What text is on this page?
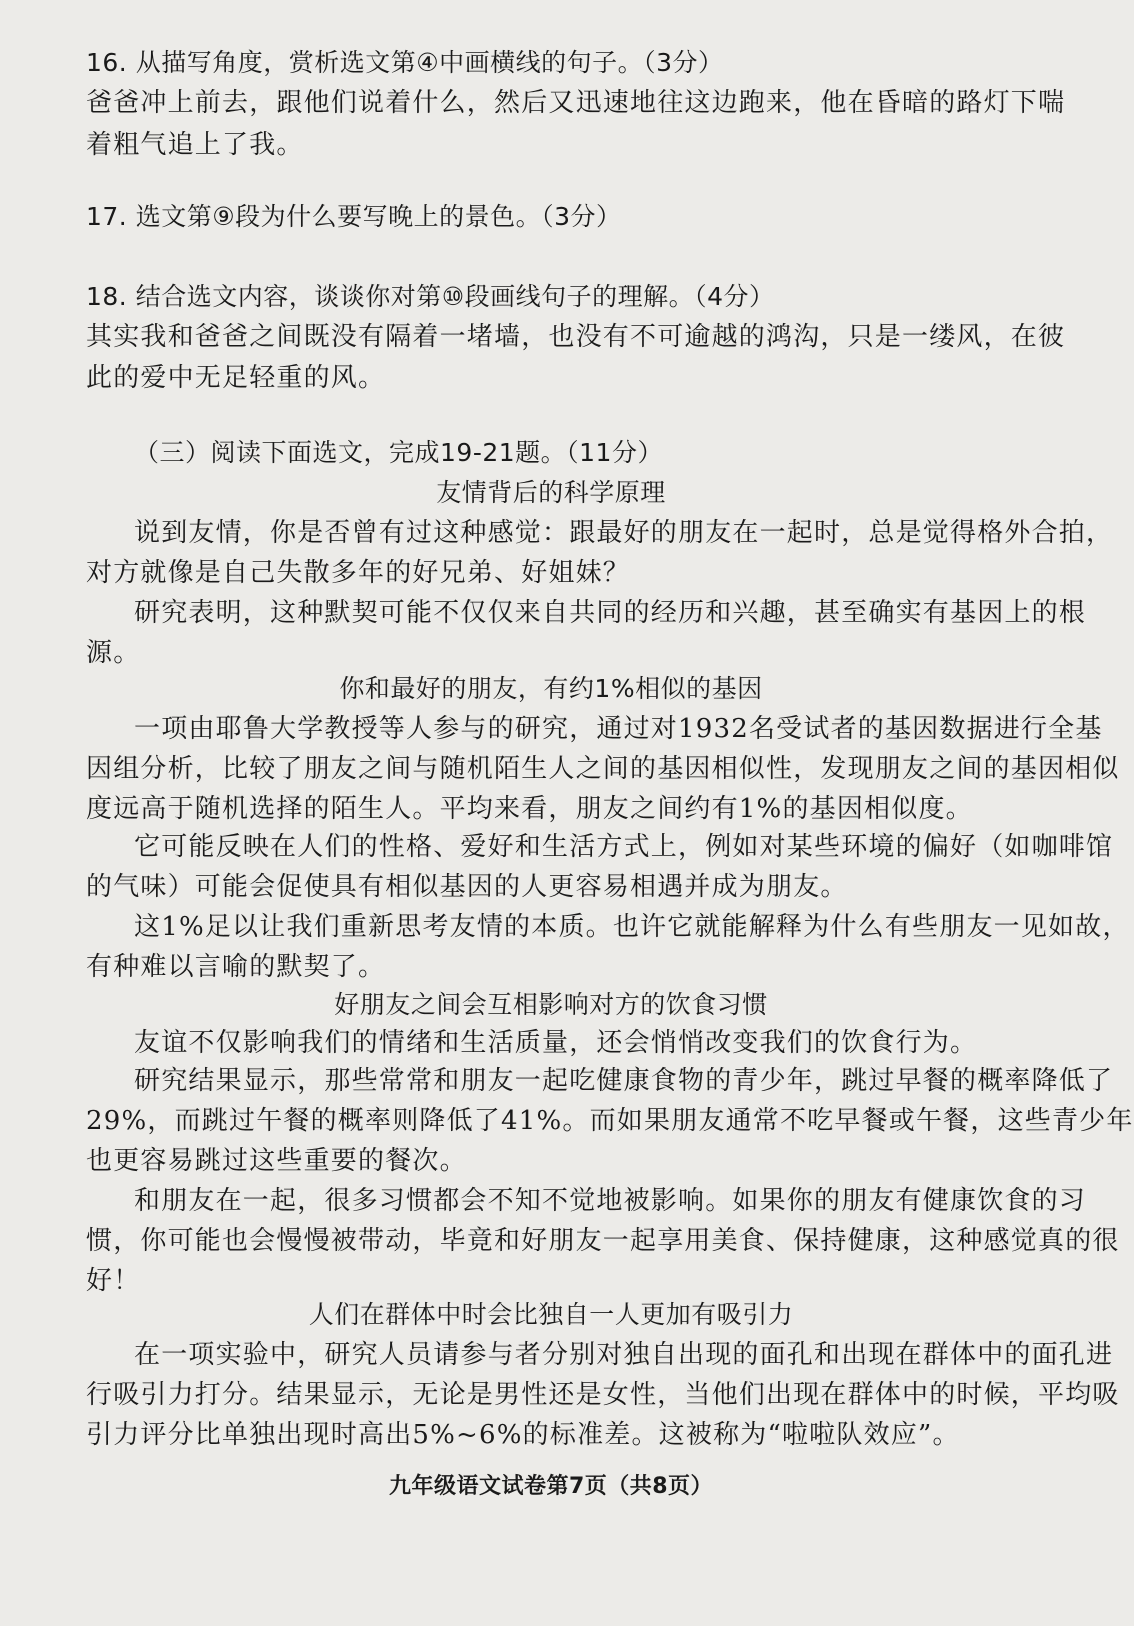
16. 从描写角度，赏析选文第④中画横线的句子。（3分）
爸爸冲上前去，跟他们说着什么，然后又迅速地往这边跑来，他在昏暗的路灯下喘
着粗气追上了我。
17. 选文第⑨段为什么要写晚上的景色。（3分）
18. 结合选文内容，谈谈你对第⑩段画线句子的理解。（4分）
其实我和爸爸之间既没有隔着一堵墙，也没有不可逾越的鸿沟，只是一缕风，在彼
此的爱中无足轻重的风。
（三）阅读下面选文，完成19-21题。（11分）
友情背后的科学原理
说到友情，你是否曾有过这种感觉：跟最好的朋友在一起时，总是觉得格外合拍，
对方就像是自己失散多年的好兄弟、好姐妹？
研究表明，这种默契可能不仅仅来自共同的经历和兴趣，甚至确实有基因上的根
源。
你和最好的朋友，有约1%相似的基因
一项由耶鲁大学教授等人参与的研究，通过对1932名受试者的基因数据进行全基
因组分析，比较了朋友之间与随机陌生人之间的基因相似性，发现朋友之间的基因相似
度远高于随机选择的陌生人。平均来看，朋友之间约有1%的基因相似度。
它可能反映在人们的性格、爱好和生活方式上，例如对某些环境的偏好（如咖啡馆
的气味）可能会促使具有相似基因的人更容易相遇并成为朋友。
这1%足以让我们重新思考友情的本质。也许它就能解释为什么有些朋友一见如故，
有种难以言喻的默契了。
好朋友之间会互相影响对方的饮食习惯
友谊不仅影响我们的情绪和生活质量，还会悄悄改变我们的饮食行为。
研究结果显示，那些常常和朋友一起吃健康食物的青少年，跳过早餐的概率降低了
29%，而跳过午餐的概率则降低了41%。而如果朋友通常不吃早餐或午餐，这些青少年
也更容易跳过这些重要的餐次。
和朋友在一起，很多习惯都会不知不觉地被影响。如果你的朋友有健康饮食的习
惯，你可能也会慢慢被带动，毕竟和好朋友一起享用美食、保持健康，这种感觉真的很
好！
人们在群体中时会比独自一人更加有吸引力
在一项实验中，研究人员请参与者分别对独自出现的面孔和出现在群体中的面孔进
行吸引力打分。结果显示，无论是男性还是女性，当他们出现在群体中的时候，平均吸
引力评分比单独出现时高出5%~6%的标准差。这被称为“啦啦队效应”。
九年级语文试卷第7页（共8页）
